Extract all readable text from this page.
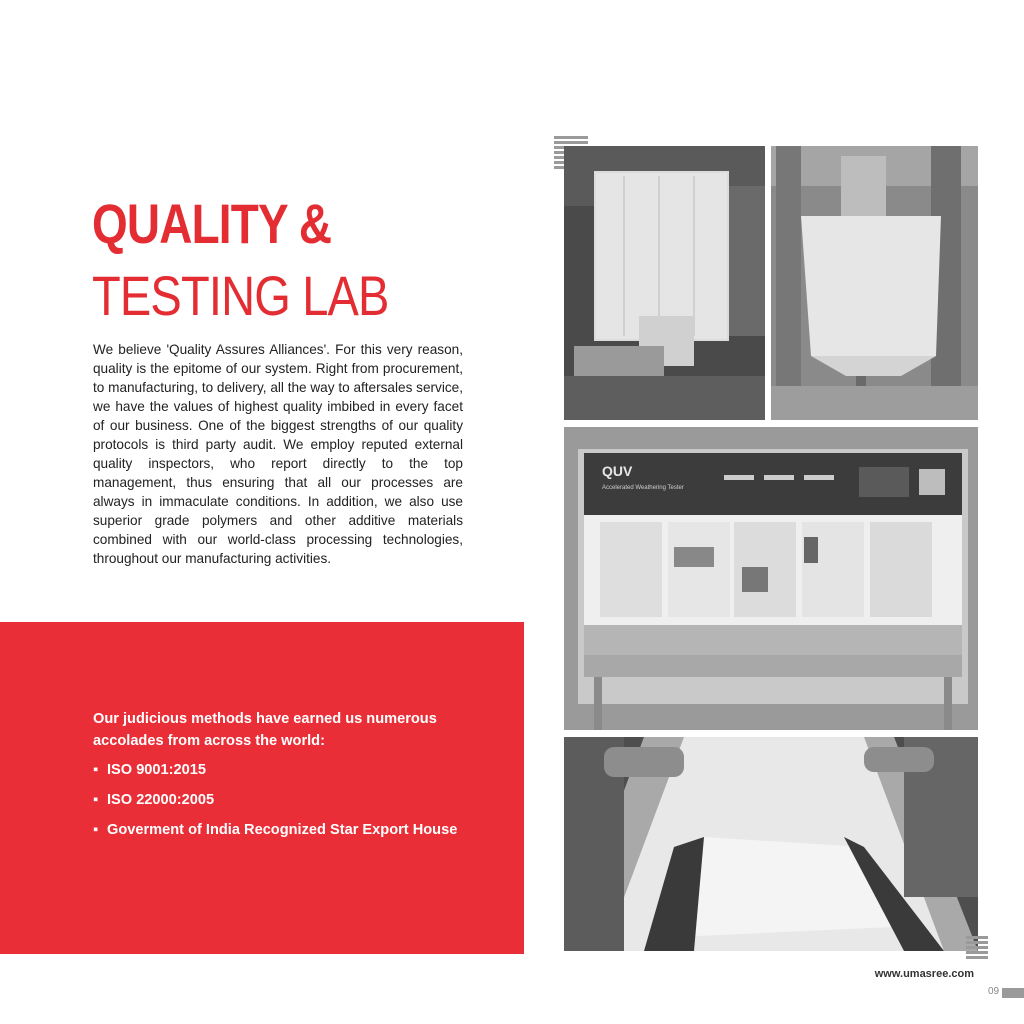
QUALITY &
TESTING LAB

We believe 'Quality Assures Alliances'. For this very reason, quality is the epitome of our system. Right from procurement, to manufacturing, to delivery, all the way to aftersales service, we have the values of highest quality imbibed in every facet of our business. One of the biggest strengths of our quality protocols is third party audit. We employ reputed external quality inspectors, who report directly to the top management, thus ensuring that all our processes are always in immaculate conditions. In addition, we also use superior grade polymers and other additive materials combined with our world-class processing technologies, throughout our manufacturing activities.

Our judicious methods have earned us numerous accolades from across the world:

▪ ISO 9001:2015
▪ ISO 22000:2005
▪ Goverment of India Recognized Star Export House
QUV
Accelerated Weathering Tester

www.umasree.com

09
